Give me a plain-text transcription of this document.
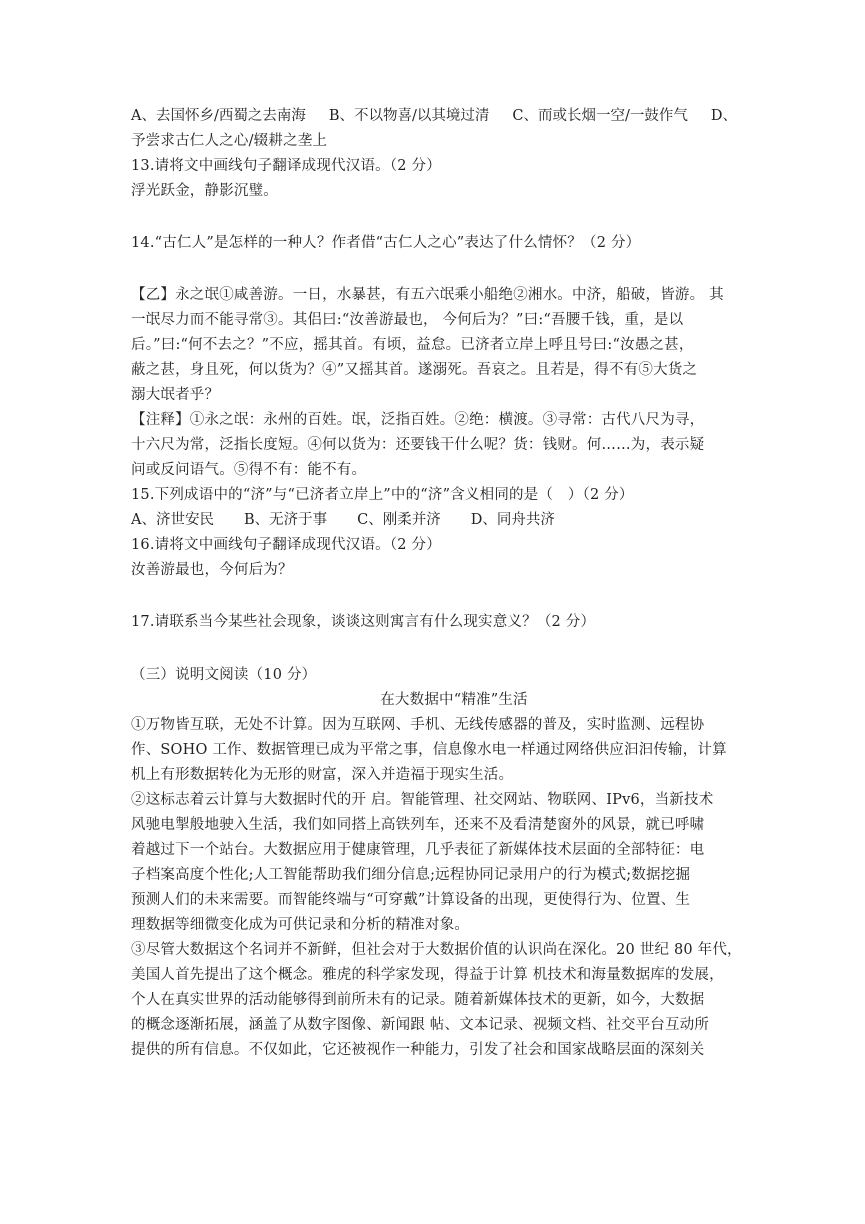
A、去国怀乡/西蜀之去南海 B、不以物喜/以其境过清 C、而或长烟一空/一鼓作气 D、
予尝求古仁人之心/辍耕之垄上
13.请将文中画线句子翻译成现代汉语。（2 分）
浮光跃金，静影沉璧。
14.“古仁人”是怎样的一种人？作者借“古仁人之心”表达了什么情怀？（2 分）
【乙】永之氓①咸善游。一日，水暴甚，有五六氓乘小船绝②湘水。中济，船破，皆游。 其
一氓尽力而不能寻常③。其侣曰:“汝善游最也， 今何后为？”曰:“吾腰千钱，重，是以
后。”曰:“何不去之？”不应，摇其首。有顷，益怠。已济者立岸上呼且号曰:“汝愚之甚，
蔽之甚，身且死，何以货为？④”又摇其首。遂溺死。吾哀之。且若是，得不有⑤大货之
溺大氓者乎？
【注释】①永之氓：永州的百姓。氓，泛指百姓。②绝：横渡。③寻常：古代八尺为寻，
十六尺为常，泛指长度短。④何以货为：还要钱干什么呢？货：钱财。何……为，表示疑
问或反问语气。⑤得不有：能不有。
15.下列成语中的“济”与“已济者立岸上”中的“济”含义相同的是（　）（2 分）
A、济世安民 B、无济于事 C、刚柔并济 D、同舟共济
16.请将文中画线句子翻译成现代汉语。（2 分）
汝善游最也，今何后为？
17.请联系当今某些社会现象，谈谈这则寓言有什么现实意义？（2 分）
（三）说明文阅读（10 分）
在大数据中“精准”生活
①万物皆互联，无处不计算。因为互联网、手机、无线传感器的普及，实时监测、远程协
作、SOHO 工作、数据管理已成为平常之事，信息像水电一样通过网络供应汩汩传输，计算
机上有形数据转化为无形的财富，深入并造福于现实生活。
②这标志着云计算与大数据时代的开 启。智能管理、社交网站、物联网、IPv6，当新技术
风驰电掣般地驶入生活，我们如同搭上高铁列车，还来不及看清楚窗外的风景，就已呼啸
着越过下一个站台。大数据应用于健康管理，几乎表征了新媒体技术层面的全部特征：电
子档案高度个性化;人工智能帮助我们细分信息;远程协同记录用户的行为模式;数据挖掘
预测人们的未来需要。而智能终端与“可穿戴”计算设备的出现，更使得行为、位置、生
理数据等细微变化成为可供记录和分析的精准对象。
③尽管大数据这个名词并不新鲜，但社会对于大数据价值的认识尚在深化。20 世纪 80 年代，
美国人首先提出了这个概念。雅虎的科学家发现，得益于计算 机技术和海量数据库的发展，
个人在真实世界的活动能够得到前所未有的记录。随着新媒体技术的更新，如今，大数据
的概念逐渐拓展，涵盖了从数字图像、新闻跟 帖、文本记录、视频文档、社交平台互动所
提供的所有信息。不仅如此，它还被视作一种能力，引发了社会和国家战略层面的深刻关
